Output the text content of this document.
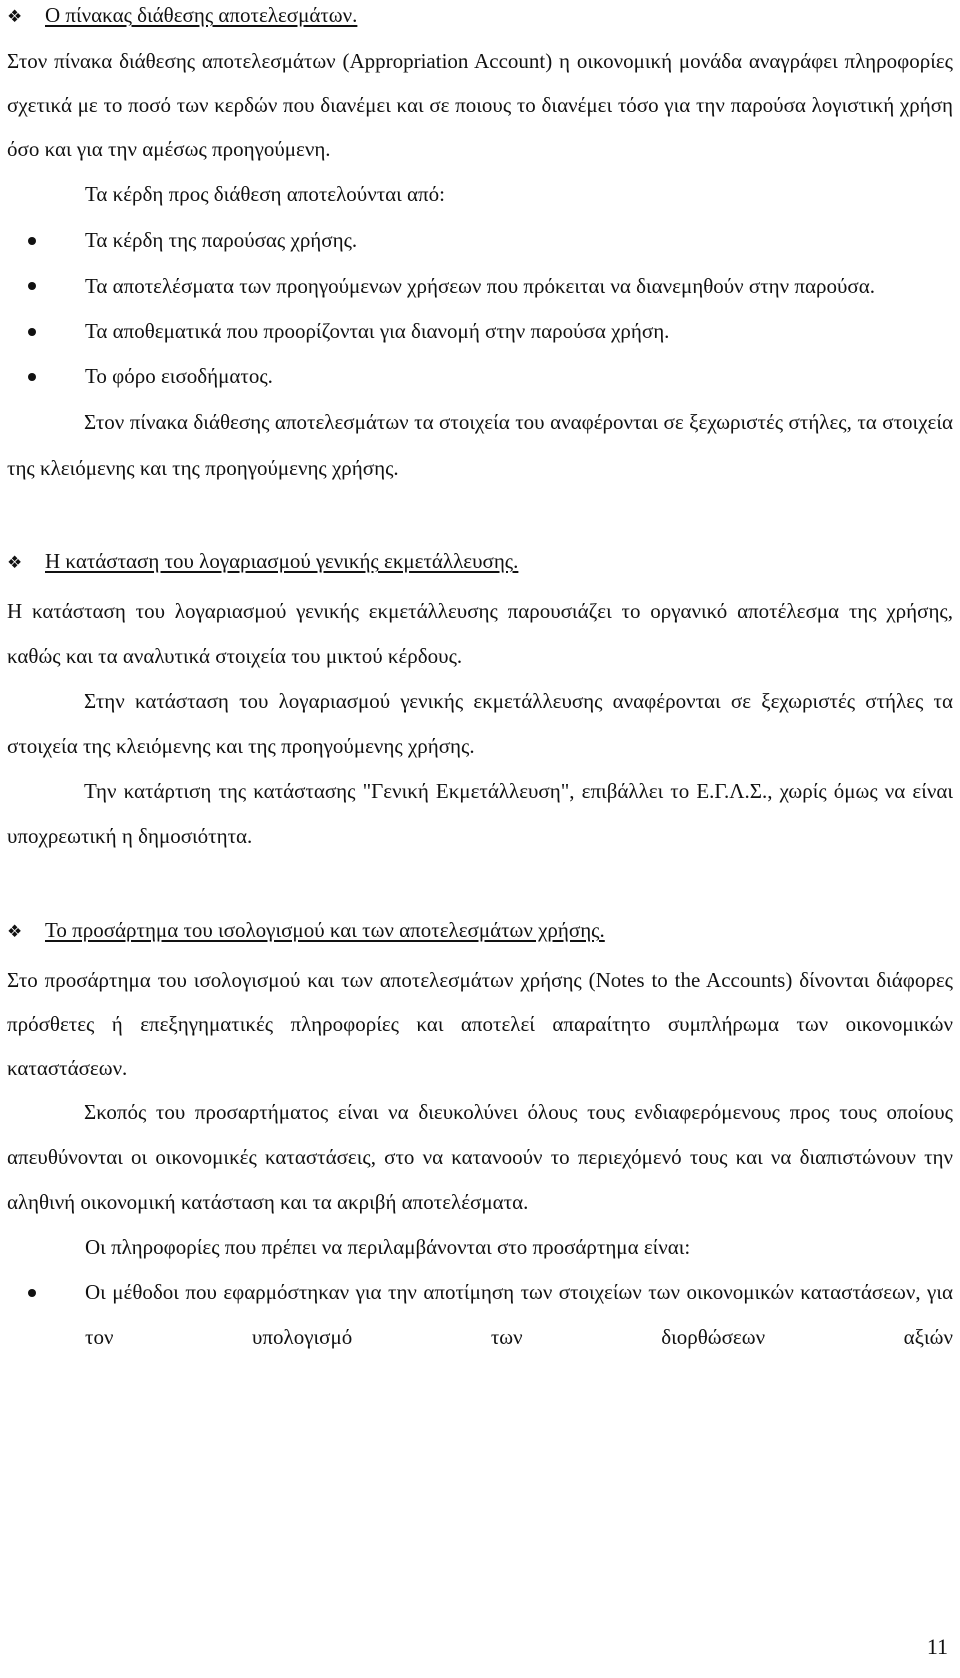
❖ Ο πίνακας διάθεσης αποτελεσμάτων.

Στον πίνακα διάθεσης αποτελεσμάτων (Appropriation Account) η οικονομική μονάδα αναγράφει πληροφορίες σχετικά με το ποσό των κερδών που διανέμει και σε ποιους το διανέμει τόσο για την παρούσα λογιστική χρήση όσο και για την αμέσως προηγούμενη.

Τα κέρδη προς διάθεση αποτελούνται από:

Τα κέρδη της παρούσας χρήσης.
Τα αποτελέσματα των προηγούμενων χρήσεων που πρόκειται να διανεμηθούν στην παρούσα.
Τα αποθεματικά που προορίζονται για διανομή στην παρούσα χρήση.
Το φόρο εισοδήματος.

Στον πίνακα διάθεσης αποτελεσμάτων τα στοιχεία του αναφέρονται σε ξεχωριστές στήλες, τα στοιχεία της κλειόμενης και της προηγούμενης χρήσης.

❖ Η κατάσταση του λογαριασμού γενικής εκμετάλλευσης.

Η κατάσταση του λογαριασμού γενικής εκμετάλλευσης παρουσιάζει το οργανικό αποτέλεσμα της χρήσης, καθώς και τα αναλυτικά στοιχεία του μικτού κέρδους.

Στην κατάσταση του λογαριασμού γενικής εκμετάλλευσης αναφέρονται σε ξεχωριστές στήλες τα στοιχεία της κλειόμενης και της προηγούμενης χρήσης.

Την κατάρτιση της κατάστασης "Γενική Εκμετάλλευση", επιβάλλει το Ε.Γ.Λ.Σ., χωρίς όμως να είναι υποχρεωτική η δημοσιότητα.

❖ Το προσάρτημα του ισολογισμού και των αποτελεσμάτων χρήσης.

Στο προσάρτημα του ισολογισμού και των αποτελεσμάτων χρήσης (Notes to the Accounts) δίνονται διάφορες πρόσθετες ή επεξηγηματικές πληροφορίες και αποτελεί απαραίτητο συμπλήρωμα των οικονομικών καταστάσεων.

Σκοπός του προσαρτήματος είναι να διευκολύνει όλους τους ενδιαφερόμενους προς τους οποίους απευθύνονται οι οικονομικές καταστάσεις, στο να κατανοούν το περιεχόμενό τους και να διαπιστώνουν την αληθινή οικονομική κατάσταση και τα ακριβή αποτελέσματα.

Οι πληροφορίες που πρέπει να περιλαμβάνονται στο προσάρτημα είναι:

Οι μέθοδοι που εφαρμόστηκαν για την αποτίμηση των στοιχείων των οικονομικών καταστάσεων, για τον υπολογισμό των διορθώσεων αξιών
11
